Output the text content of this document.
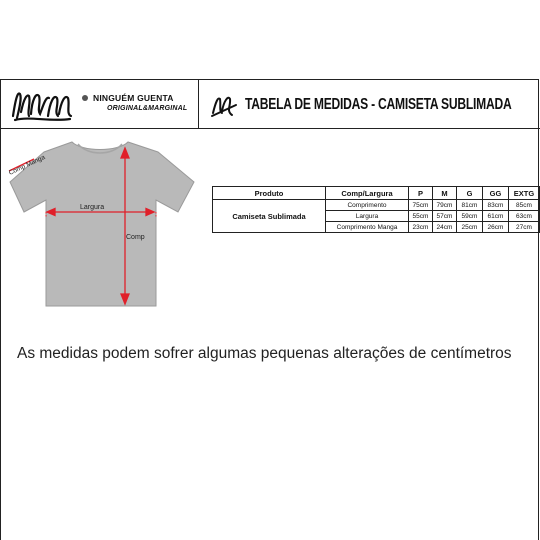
NINGUÉM GUENTA
ORIGINAL&MARGINAL	TABELA DE MEDIDAS - CAMISETA SUBLIMADA
Comp Manga
Largura
Comp
Produto	Comp/Largura	P	M	G	GG	EXTG
Camiseta Sublimada	Comprimento	75cm	79cm	81cm	83cm	85cm
	Largura	55cm	57cm	59cm	61cm	63cm
	Comprimento Manga	23cm	24cm	25cm	26cm	27cm
As medidas podem sofrer algumas pequenas alterações de centímetros
